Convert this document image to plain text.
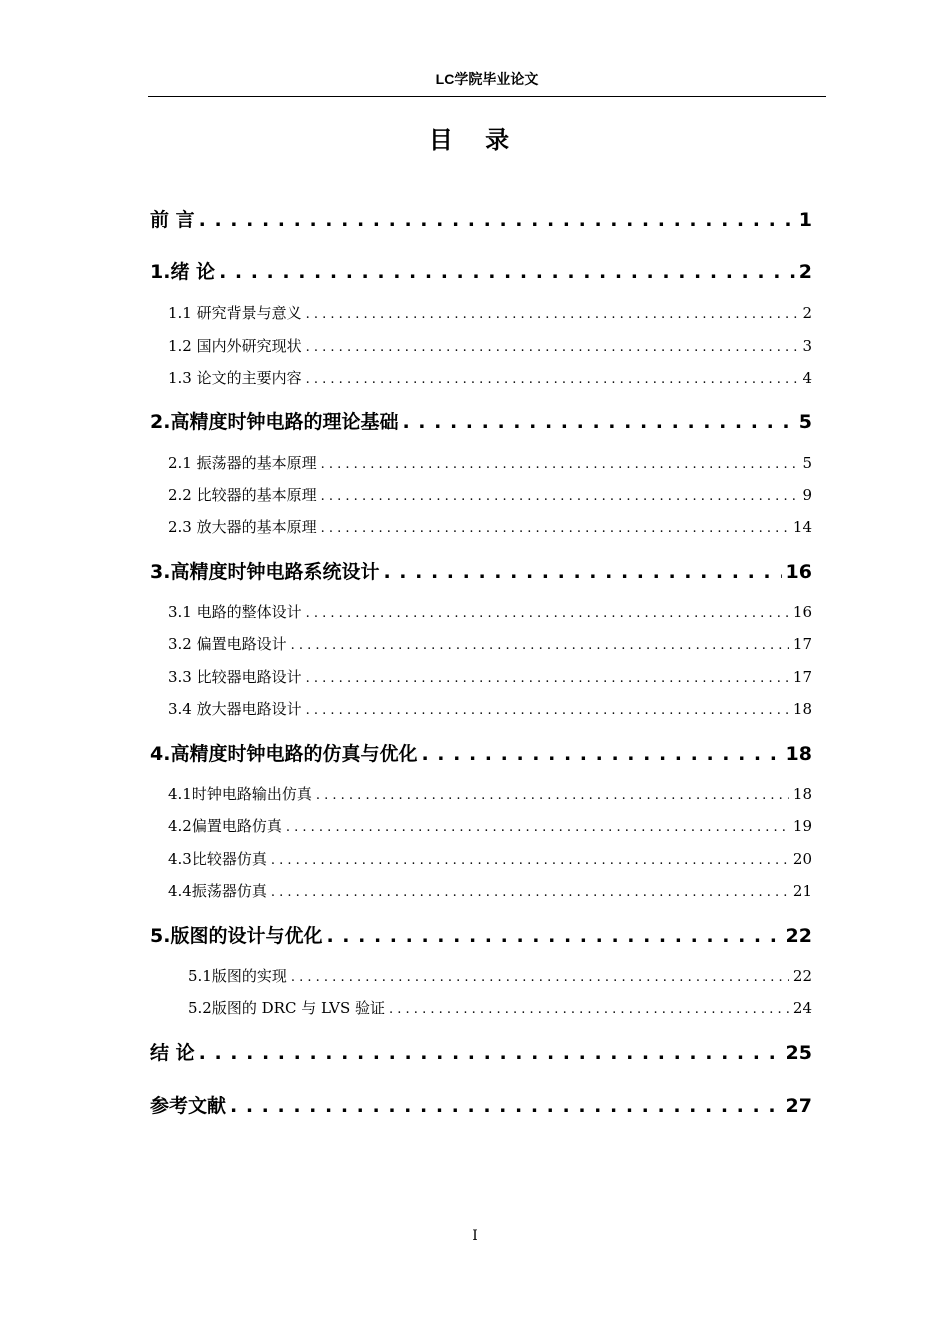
LC学院毕业论文
目 录
前 言 . . .	1
1.绪 论 . . .	2
1.1 研究背景与意义 . . .	2
1.2 国内外研究现状 . . .	3
1.3 论文的主要内容 . . .	4
2.高精度时钟电路的理论基础 . . .	5
2.1 振荡器的基本原理 . . .	5
2.2 比较器的基本原理 . . .	9
2.3 放大器的基本原理 . . .	14
3.高精度时钟电路系统设计 . . .	16
3.1 电路的整体设计 . . .	16
3.2 偏置电路设计 . . .	17
3.3 比较器电路设计 . . .	17
3.4 放大器电路设计 . . .	18
4.高精度时钟电路的仿真与优化 . . .	18
4.1时钟电路输出仿真 . . .	18
4.2偏置电路仿真 . . .	19
4.3比较器仿真 . . .	20
4.4振荡器仿真 . . .	21
5.版图的设计与优化 . . .	22
5.1版图的实现 . . .	22
5.2版图的 DRC 与 LVS 验证 . . .	24
结 论 . . .	25
参考文献 . . .	27
I
